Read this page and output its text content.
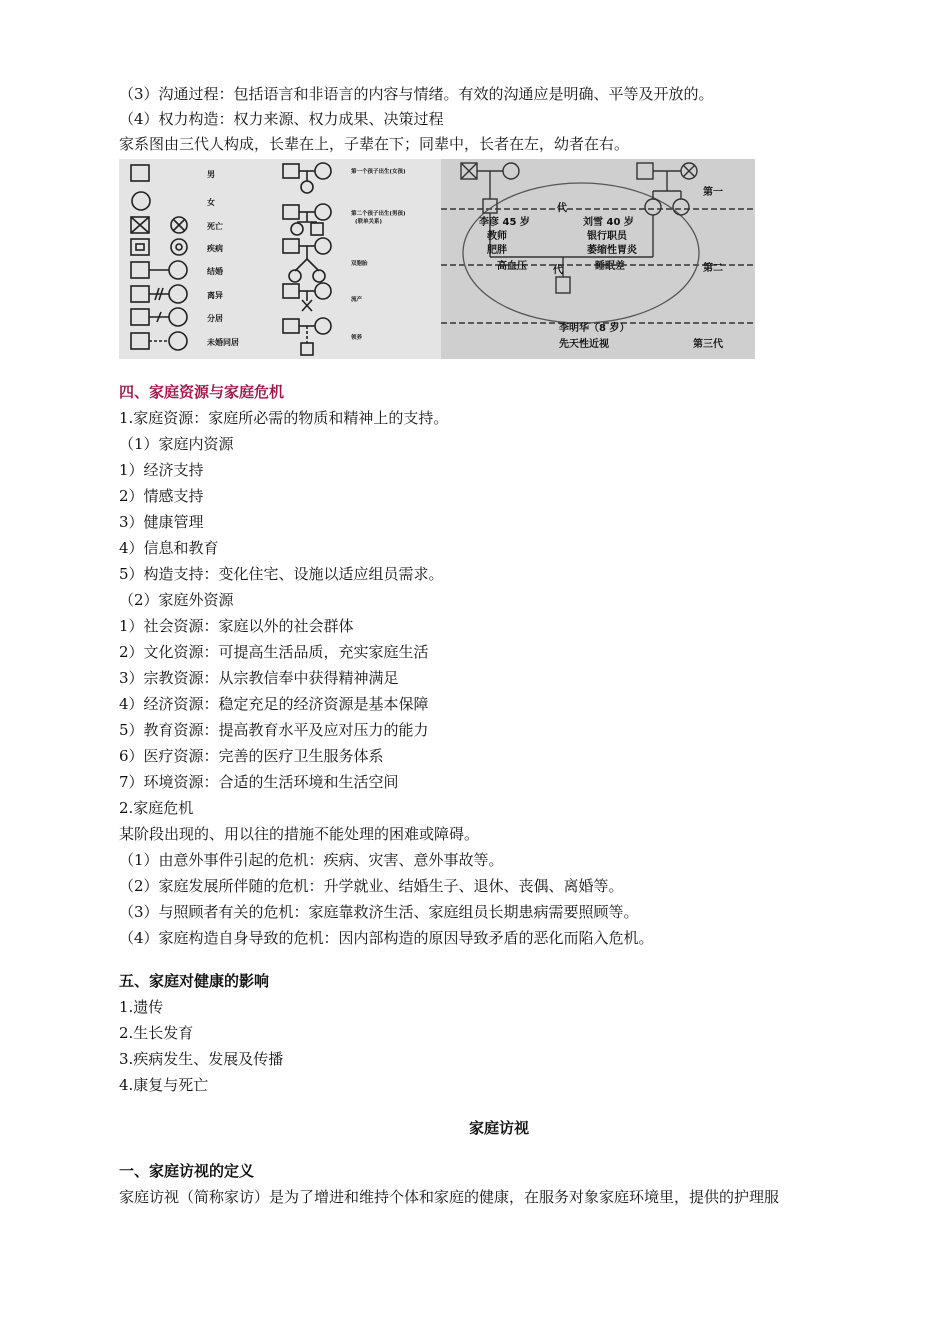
（3）沟通过程：包括语言和非语言的内容与情绪。有效的沟通应是明确、平等及开放的。
（4）权力构造：权力来源、权力成果、决策过程
家系图由三代人构成，长辈在上，子辈在下；同辈中，长者在左，幼者在右。
男
女
死亡
疾病
结婚
离异
分居
未婚同居
第一个孩子出生(女孩)
第二个孩子出生(男孩)
(联单关系)
双胞胎
流产
领养
第一
代
第二
代
第三代
李彦 45 岁
教师
肥胖
高血压
刘雪 40 岁
银行职员
萎缩性胃炎
睡眠差
李明华（8 岁）
先天性近视
四、家庭资源与家庭危机
1.家庭资源：家庭所必需的物质和精神上的支持。
（1）家庭内资源
1）经济支持
2）情感支持
3）健康管理
4）信息和教育
5）构造支持：变化住宅、设施以适应组员需求。
（2）家庭外资源
1）社会资源：家庭以外的社会群体
2）文化资源：可提高生活品质，充实家庭生活
3）宗教资源：从宗教信奉中获得精神满足
4）经济资源：稳定充足的经济资源是基本保障
5）教育资源：提高教育水平及应对压力的能力
6）医疗资源：完善的医疗卫生服务体系
7）环境资源：合适的生活环境和生活空间
2.家庭危机
某阶段出现的、用以往的措施不能处理的困难或障碍。
（1）由意外事件引起的危机：疾病、灾害、意外事故等。
（2）家庭发展所伴随的危机：升学就业、结婚生子、退休、丧偶、离婚等。
（3）与照顾者有关的危机：家庭靠救济生活、家庭组员长期患病需要照顾等。
（4）家庭构造自身导致的危机：因内部构造的原因导致矛盾的恶化而陷入危机。
五、家庭对健康的影响
1.遗传
2.生长发育
3.疾病发生、发展及传播
4.康复与死亡
家庭访视
一、家庭访视的定义
家庭访视（简称家访）是为了增进和维持个体和家庭的健康，在服务对象家庭环境里，提供的护理服
